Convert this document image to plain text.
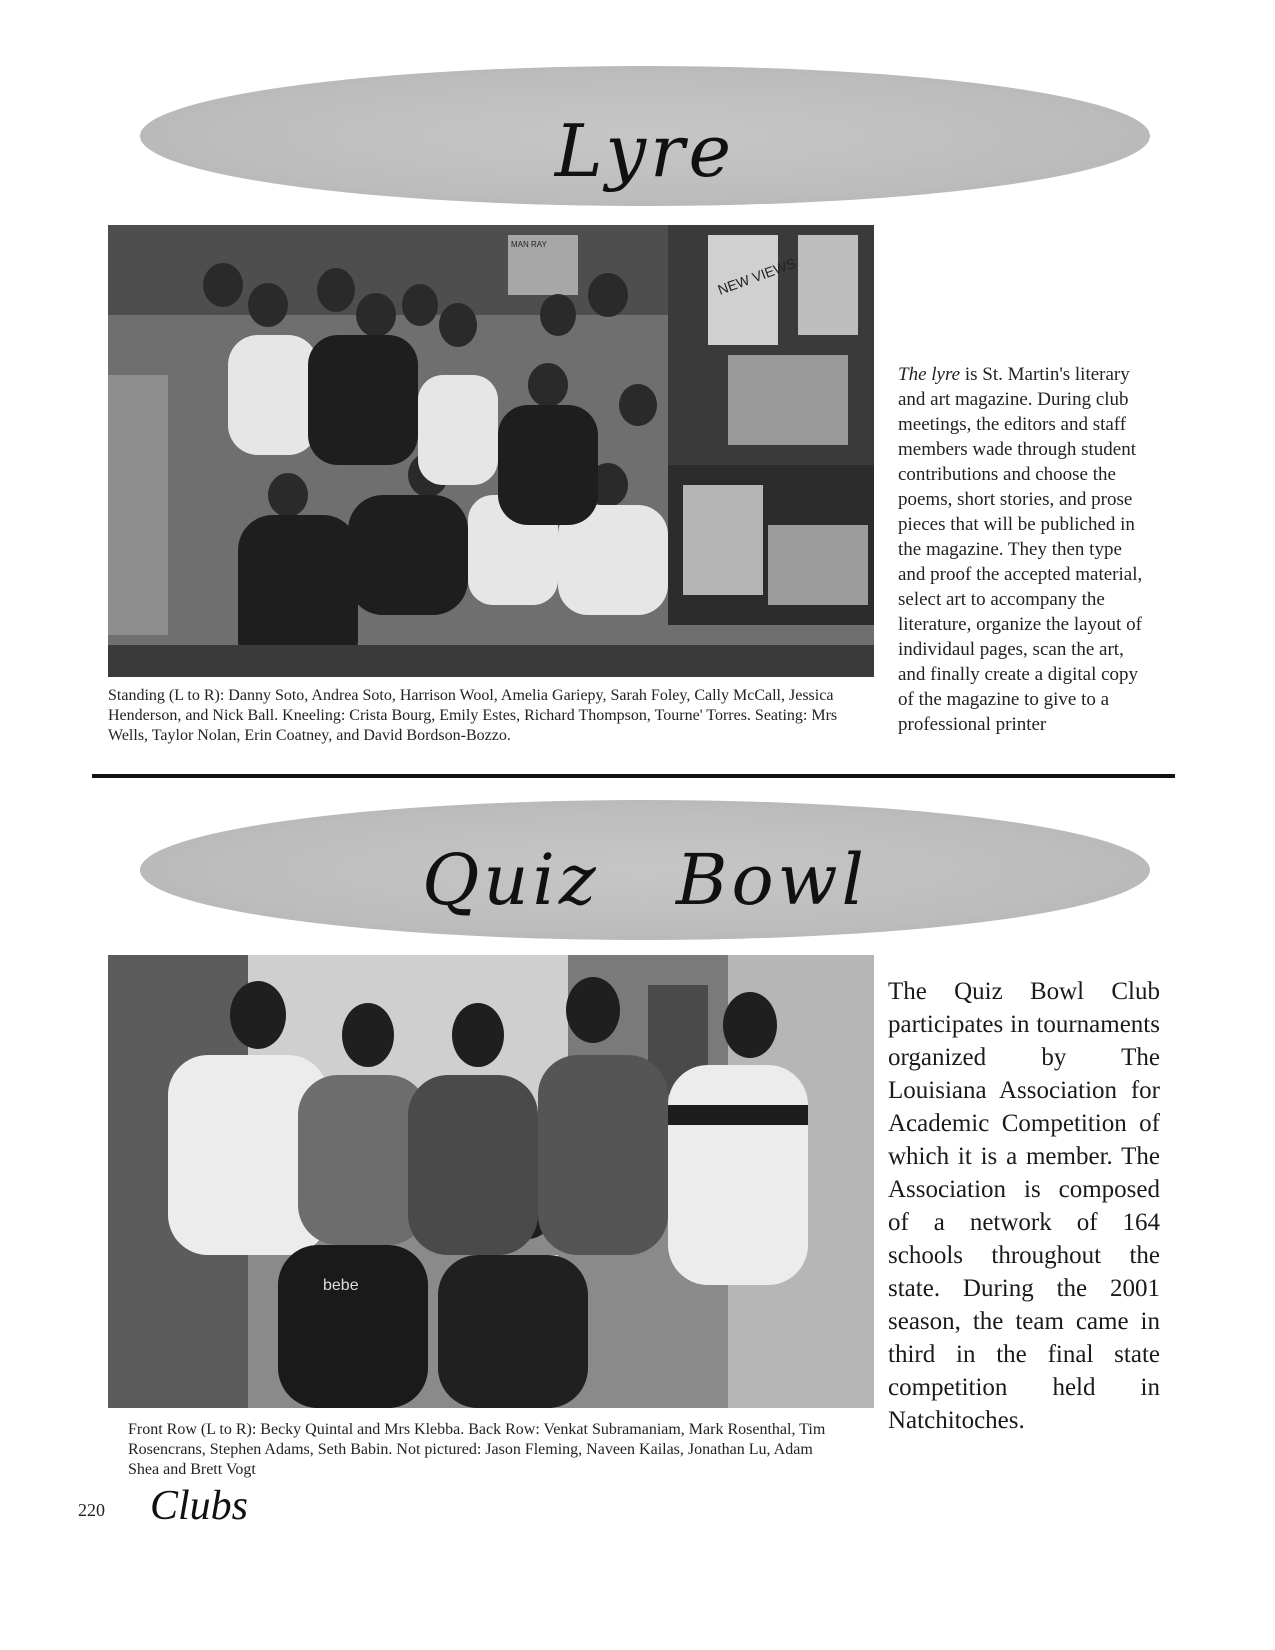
Lyre
MAN RAY
NEW VIEWS
Standing (L to R): Danny Soto, Andrea Soto, Harrison Wool, Amelia Gariepy, Sarah Foley, Cally McCall, Jessica Henderson, and Nick Ball. Kneeling: Crista Bourg, Emily Estes, Richard Thompson, Tourne' Torres. Seating: Mrs Wells, Taylor Nolan, Erin Coatney, and David Bordson-Bozzo.
The lyre is St. Martin's literary and art magazine. During club meetings, the editors and staff members wade through student contributions and choose the poems, short stories, and prose pieces that will be publiched in the magazine. They then type and proof the accepted material, select art to accompany the literature, organize the layout of individaul pages, scan the art, and finally create a digital copy of the magazine to give to a professional printer
Quiz Bowl
bebe
Front Row (L to R): Becky Quintal and Mrs Klebba. Back Row: Venkat Subramaniam, Mark Rosenthal, Tim Rosencrans, Stephen Adams, Seth Babin. Not pictured: Jason Fleming, Naveen Kailas, Jonathan Lu, Adam Shea and Brett Vogt
The Quiz Bowl Club participates in tournaments organized by The Louisiana Association for Academic Competition of which it is a member. The Association is composed of a network of 164 schools throughout the state. During the 2001 season, the team came in third in the final state competition held in Natchitoches.
220 Clubs
